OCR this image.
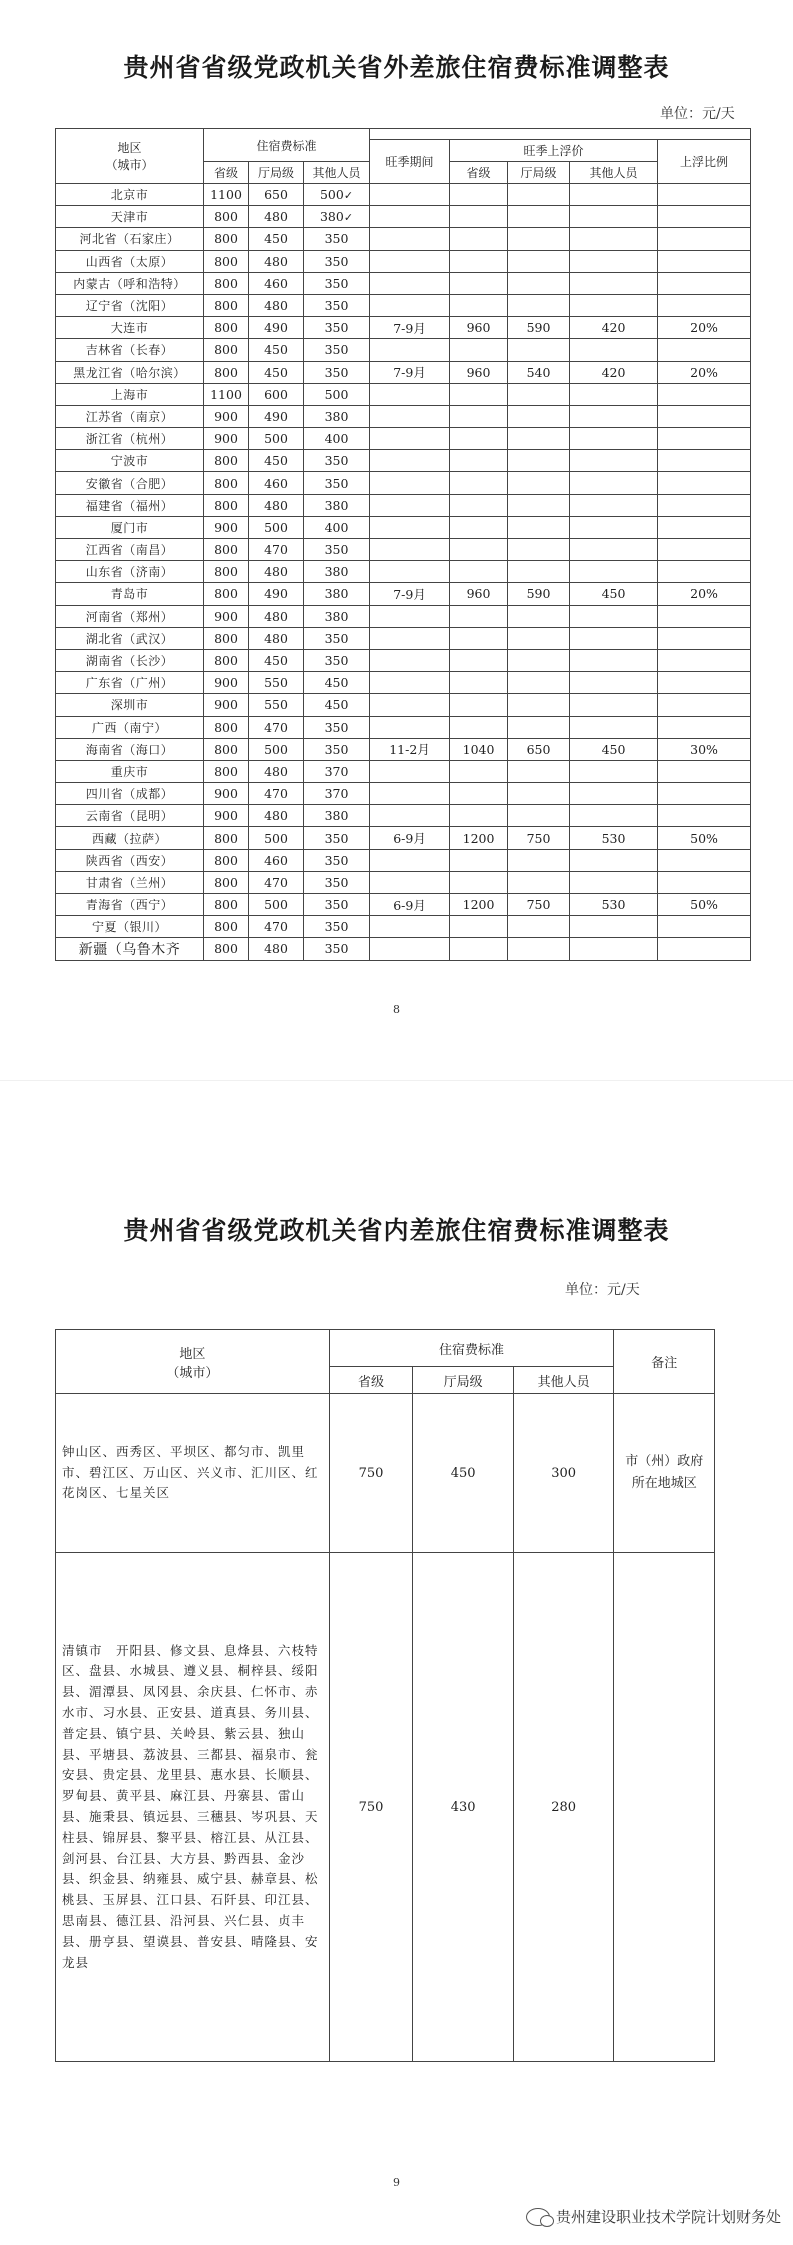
贵州省省级党政机关省外差旅住宿费标准调整表
单位：元/天
地区
（城市）	住宿费标准							
				旺季期间	旺季上浮价			上浮比例
	省级	厅局级	其他人员		省级	厅局级	其他人员	
北京市	1100	650	500✓					
天津市	800	480	380✓					
河北省（石家庄）	800	450	350					
山西省（太原）	800	480	350					
内蒙古（呼和浩特）	800	460	350					
辽宁省（沈阳）	800	480	350					
大连市	800	490	350	7-9月	960	590	420	20%
吉林省（长春）	800	450	350					
黑龙江省（哈尔滨）	800	450	350	7-9月	960	540	420	20%
上海市	1100	600	500					
江苏省（南京）	900	490	380					
浙江省（杭州）	900	500	400					
宁波市	800	450	350					
安徽省（合肥）	800	460	350					
福建省（福州）	800	480	380					
厦门市	900	500	400					
江西省（南昌）	800	470	350					
山东省（济南）	800	480	380					
青岛市	800	490	380	7-9月	960	590	450	20%
河南省（郑州）	900	480	380					
湖北省（武汉）	800	480	350					
湖南省（长沙）	800	450	350					
广东省（广州）	900	550	450					
深圳市	900	550	450					
广西（南宁）	800	470	350					
海南省（海口）	800	500	350	11-2月	1040	650	450	30%
重庆市	800	480	370					
四川省（成都）	900	470	370					
云南省（昆明）	900	480	380					
西藏（拉萨）	800	500	350	6-9月	1200	750	530	50%
陕西省（西安）	800	460	350					
甘肃省（兰州）	800	470	350					
青海省（西宁）	800	500	350	6-9月	1200	750	530	50%
宁夏（银川）	800	470	350					
新疆（乌鲁木齐	800	480	350					
8
贵州省省级党政机关省内差旅住宿费标准调整表
单位：元/天
地区
（城市）	住宿费标准			备注
	省级	厅局级	其他人员	
钟山区、西秀区、平坝区、都匀市、凯里市、碧江区、万山区、兴义市、汇川区、红花岗区、七星关区	750	450	300	市（州）政府所在地城区
清镇市　开阳县、修文县、息烽县、六枝特区、盘县、水城县、遵义县、桐梓县、绥阳县、湄潭县、凤冈县、余庆县、仁怀市、赤水市、习水县、正安县、道真县、务川县、普定县、镇宁县、关岭县、紫云县、独山县、平塘县、荔波县、三都县、福泉市、瓮安县、贵定县、龙里县、惠水县、长顺县、罗甸县、黄平县、麻江县、丹寨县、雷山县、施秉县、镇远县、三穗县、岑巩县、天柱县、锦屏县、黎平县、榕江县、从江县、剑河县、台江县、大方县、黔西县、金沙县、织金县、纳雍县、威宁县、赫章县、松桃县、玉屏县、江口县、石阡县、印江县、思南县、德江县、沿河县、兴仁县、贞丰县、册亨县、望谟县、普安县、晴隆县、安龙县	750	430	280	
9
贵州建设职业技术学院计划财务处
